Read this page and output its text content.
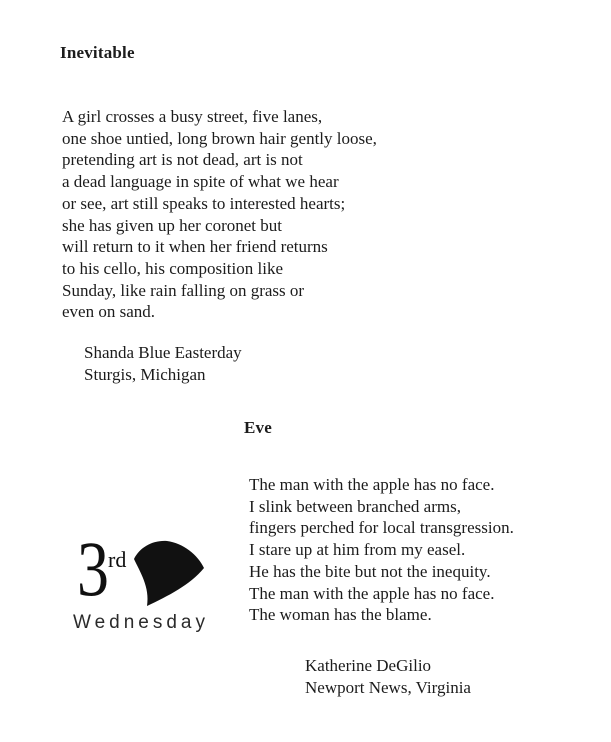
Inevitable
A girl crosses a busy street, five lanes,
one shoe untied, long brown hair gently loose,
pretending art is not dead, art is not
a dead language in spite of what we hear
or see, art still speaks to interested hearts;
she has given up her coronet but
will return to it when her friend returns
to his cello, his composition like
Sunday, like rain falling on grass or
even on sand.
Shanda Blue Easterday
Sturgis, Michigan
Eve
The man with the apple has no face.
I slink between branched arms,
fingers perched for local transgression.
I stare up at him from my easel.
He has the bite but not the inequity.
The man with the apple has no face.
The woman has the blame.
3 rd
Wednesday
Katherine DeGilio
Newport News, Virginia
